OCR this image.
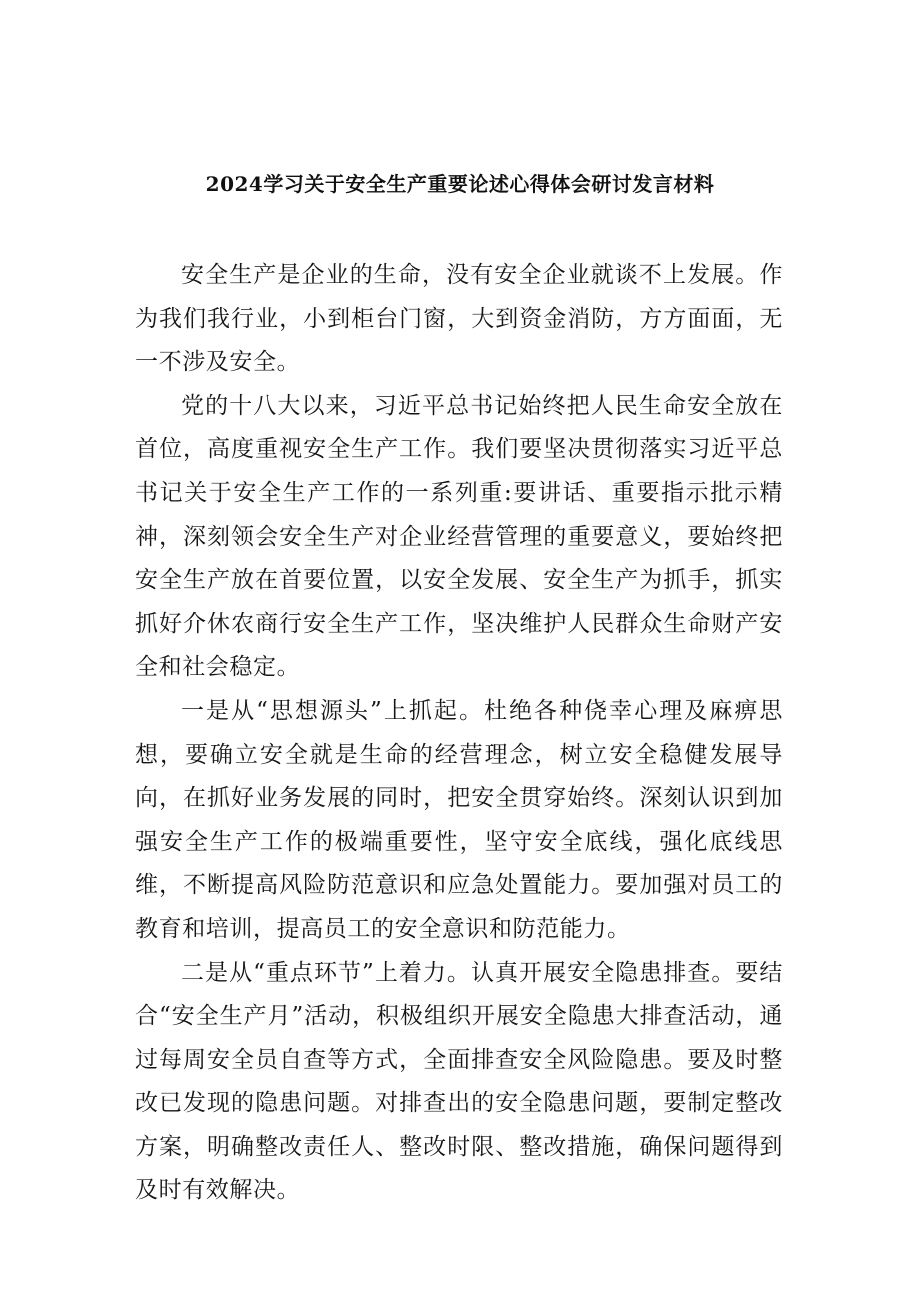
2024学习关于安全生产重要论述心得体会研讨发言材料

安全生产是企业的生命，没有安全企业就谈不上发展。作为我们我行业，小到柜台门窗，大到资金消防，方方面面，无一不涉及安全。

党的十八大以来，习近平总书记始终把人民生命安全放在首位，高度重视安全生产工作。我们要坚决贯彻落实习近平总书记关于安全生产工作的一系列重:要讲话、重要指示批示精神，深刻领会安全生产对企业经营管理的重要意义，要始终把安全生产放在首要位置，以安全发展、安全生产为抓手，抓实抓好介休农商行安全生产工作，坚决维护人民群众生命财产安全和社会稳定。

一是从“思想源头”上抓起。杜绝各种侥幸心理及麻痹思想，要确立安全就是生命的经营理念，树立安全稳健发展导向，在抓好业务发展的同时，把安全贯穿始终。深刻认识到加强安全生产工作的极端重要性，坚守安全底线，强化底线思维，不断提高风险防范意识和应急处置能力。要加强对员工的教育和培训，提高员工的安全意识和防范能力。

二是从“重点环节”上着力。认真开展安全隐患排查。要结合“安全生产月”活动，积极组织开展安全隐患大排查活动，通过每周安全员自查等方式，全面排查安全风险隐患。要及时整改已发现的隐患问题。对排查出的安全隐患问题，要制定整改方案，明确整改责任人、整改时限、整改措施，确保问题得到及时有效解决。
